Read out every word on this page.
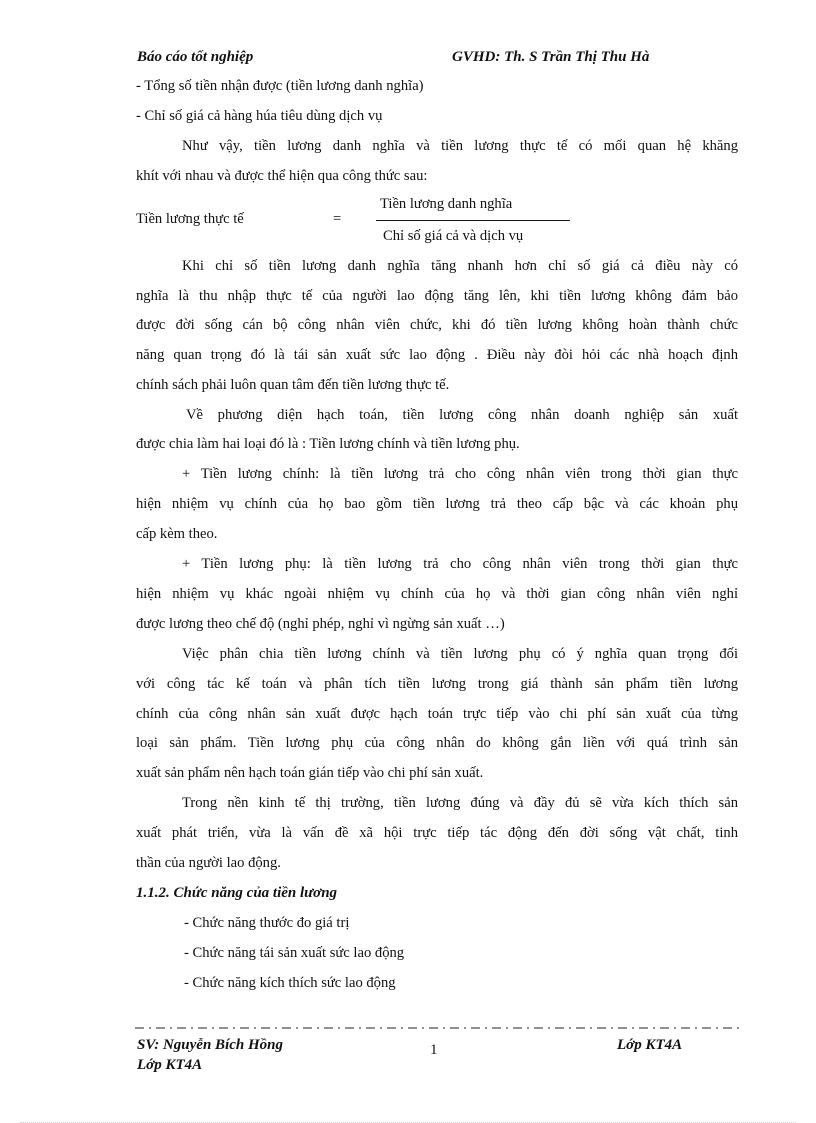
Báo cáo tốt nghiệp	GVHD: Th. S Trần Thị Thu Hà
- Tổng số tiền nhận được (tiền lương danh nghĩa)
- Chỉ số giá cả hàng húa tiêu dùng dịch vụ
Như vậy, tiền lương danh nghĩa và tiền lương thực tế có mối quan hệ khăng
khít với nhau và được thể hiện qua công thức sau:
Tiền lương thực tế	=
Tiền lương danh nghĩa
Chỉ số giá cả và dịch vụ
Khi chỉ số tiền lương danh nghĩa tăng nhanh hơn chỉ số giá cả điều này có
nghĩa là thu nhập thực tế của người lao động tăng lên, khi tiền lương không đảm bảo
được đời sống cán bộ công nhân viên chức, khi đó tiền lương không hoàn thành chức
năng quan trọng đó là tái sản xuất sức lao động . Điều này đòi hỏi các nhà hoạch định
chính sách phải luôn quan tâm đến tiền lương thực tế.
Về phương diện hạch toán, tiền lương công nhân doanh nghiệp sản xuất
được chia làm hai loại đó là : Tiền lương chính và tiền lương phụ.
+ Tiền lương chính: là tiền lương trả cho công nhân viên trong thời gian thực
hiện nhiệm vụ chính của họ bao gồm tiền lương trả theo cấp bậc và các khoản phụ
cấp kèm theo.
+ Tiền lương phụ: là tiền lương trả cho công nhân viên trong thời gian thực
hiện nhiệm vụ khác ngoài nhiệm vụ chính của họ và thời gian công nhân viên nghỉ
được lương theo chế độ (nghỉ phép, nghỉ vì ngừng sản xuất …)
Việc phân chia tiền lương chính và tiền lương phụ có ý nghĩa quan trọng đối
với công tác kế toán và phân tích tiền lương trong giá thành sản phẩm tiền lương
chính của công nhân sản xuất được hạch toán trực tiếp vào chi phí sản xuất của từng
loại sản phẩm. Tiền lương phụ của công nhân do không gắn liền với quá trình sản
xuất sản phẩm nên hạch toán gián tiếp vào chi phí sản xuất.
Trong nền kinh tế thị trường, tiền lương đúng và đầy đủ sẽ vừa kích thích sản
xuất phát triển, vừa là vấn đề xã hội trực tiếp tác động đến đời sống vật chất, tinh
thần của người lao động.
1.1.2. Chức năng của tiền lương
- Chức năng thước đo giá trị
- Chức năng tái sản xuất sức lao động
- Chức năng kích thích sức lao động
SV: Nguyễn Bích Hồng	1	Lớp KT4A
Lớp KT4A
